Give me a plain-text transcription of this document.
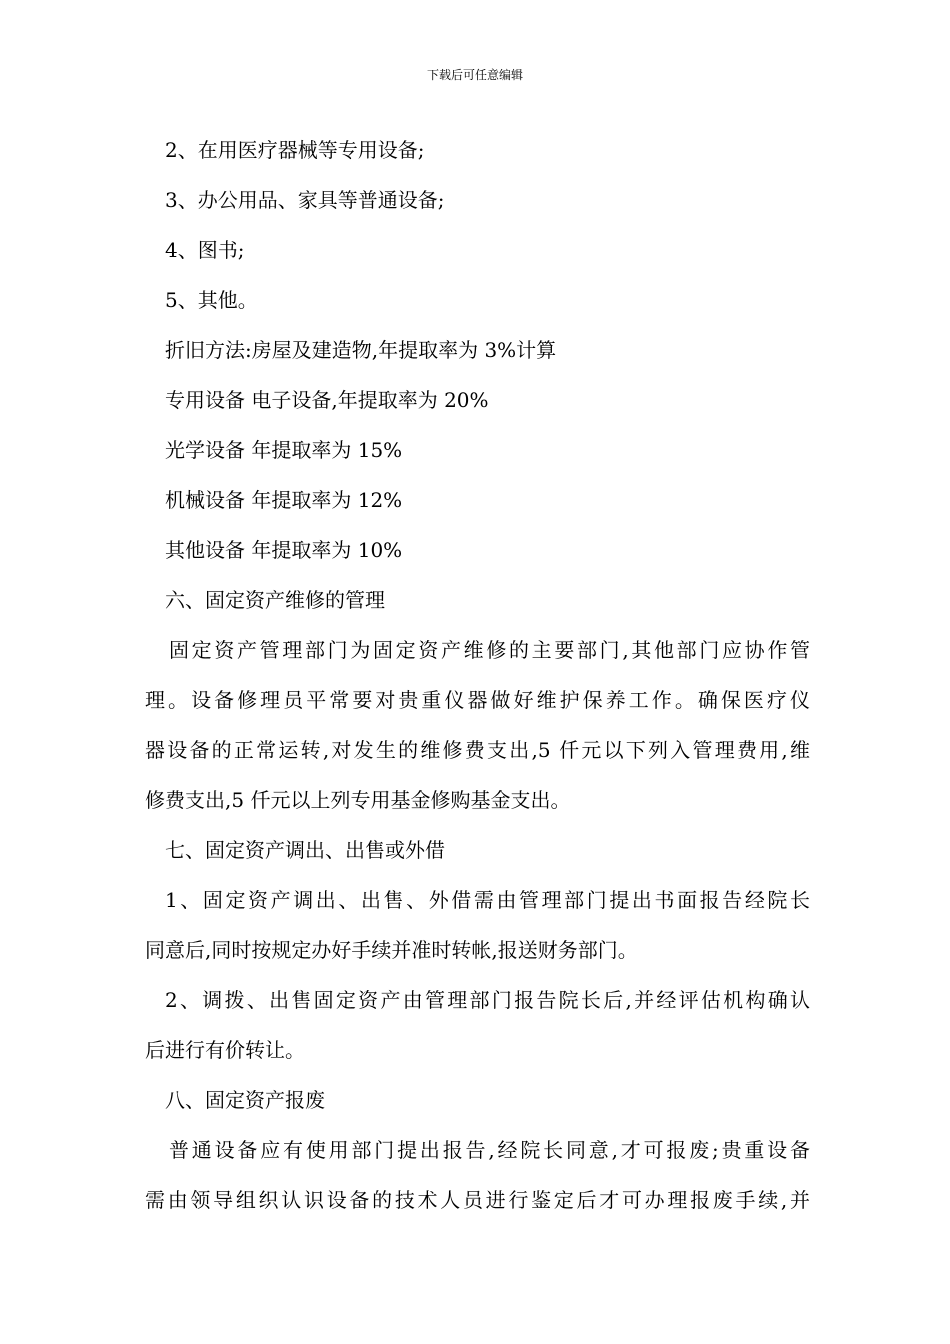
下载后可任意编辑
2、在用医疗器械等专用设备;
3、办公用品、家具等普通设备;
4、图书;
5、其他。
折旧方法:房屋及建造物,年提取率为 3%计算
专用设备 电子设备,年提取率为 20%
光学设备 年提取率为 15%
机械设备 年提取率为 12%
其他设备 年提取率为 10%
六、固定资产维修的管理
固定资产管理部门为固定资产维修的主要部门,其他部门应协作管
理。设备修理员平常要对贵重仪器做好维护保养工作。确保医疗仪
器设备的正常运转,对发生的维修费支出,5 仟元以下列入管理费用,维
修费支出,5 仟元以上列专用基金修购基金支出。
七、固定资产调出、出售或外借
1、固定资产调出、出售、外借需由管理部门提出书面报告经院长
同意后,同时按规定办好手续并准时转帐,报送财务部门。
2、调拨、出售固定资产由管理部门报告院长后,并经评估机构确认
后进行有价转让。
八、固定资产报废
普通设备应有使用部门提出报告,经院长同意,才可报废;贵重设备
需由领导组织认识设备的技术人员进行鉴定后才可办理报废手续,并
